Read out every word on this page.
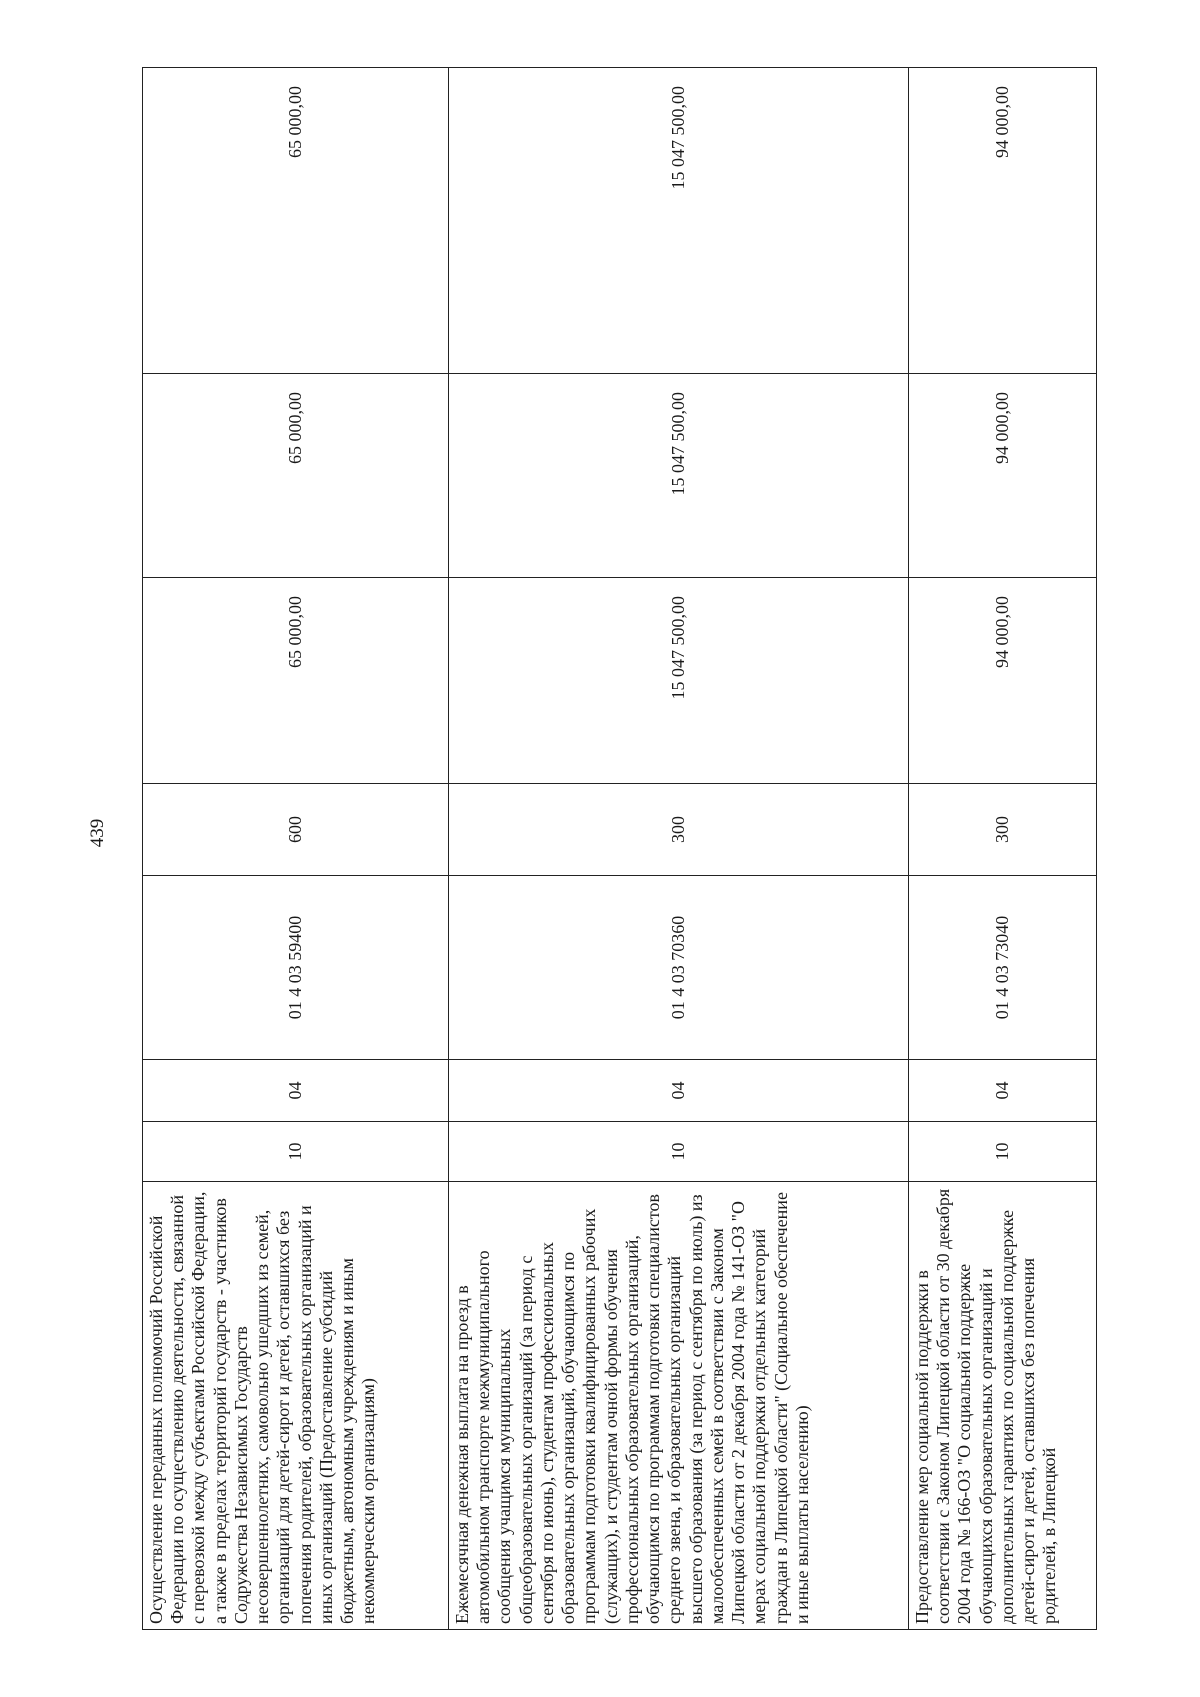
439
Осуществление переданных полномочий Российской Федерации по осуществлению деятельности, связанной с перевозкой между субъектами Российской Федерации, а также в пределах территорий государств - участников Содружества Независимых Государств несовершеннолетних, самовольно ушедших из семей, организаций для детей-сирот и детей, оставшихся без попечения родителей, образовательных организаций и иных организаций (Предоставление субсидий бюджетным, автономным учреждениям и иным некоммерческим организациям)	10	04	01 4 03 59400	600	65 000,00	65 000,00	65 000,00
Ежемесячная денежная выплата на проезд в автомобильном транспорте межмуниципального сообщения учащимся муниципальных общеобразовательных организаций (за период с сентября по июнь), студентам профессиональных образовательных организаций, обучающимся по программам подготовки квалифицированных рабочих (служащих), и студентам очной формы обучения профессиональных образовательных организаций, обучающимся по программам подготовки специалистов среднего звена, и образовательных организаций высшего образования (за период с сентября по июль) из малообеспеченных семей в соответствии с Законом Липецкой области от 2 декабря 2004 года № 141-ОЗ "О мерах социальной поддержки отдельных категорий граждан в Липецкой области" (Социальное обеспечение и иные выплаты населению)	10	04	01 4 03 70360	300	15 047 500,00	15 047 500,00	15 047 500,00
Предоставление мер социальной поддержки в соответствии с Законом Липецкой области от 30 декабря 2004 года № 166-ОЗ "О социальной поддержке обучающихся образовательных организаций и дополнительных гарантиях по социальной поддержке детей-сирот и детей, оставшихся без попечения родителей, в Липецкой	10	04	01 4 03 73040	300	94 000,00	94 000,00	94 000,00
